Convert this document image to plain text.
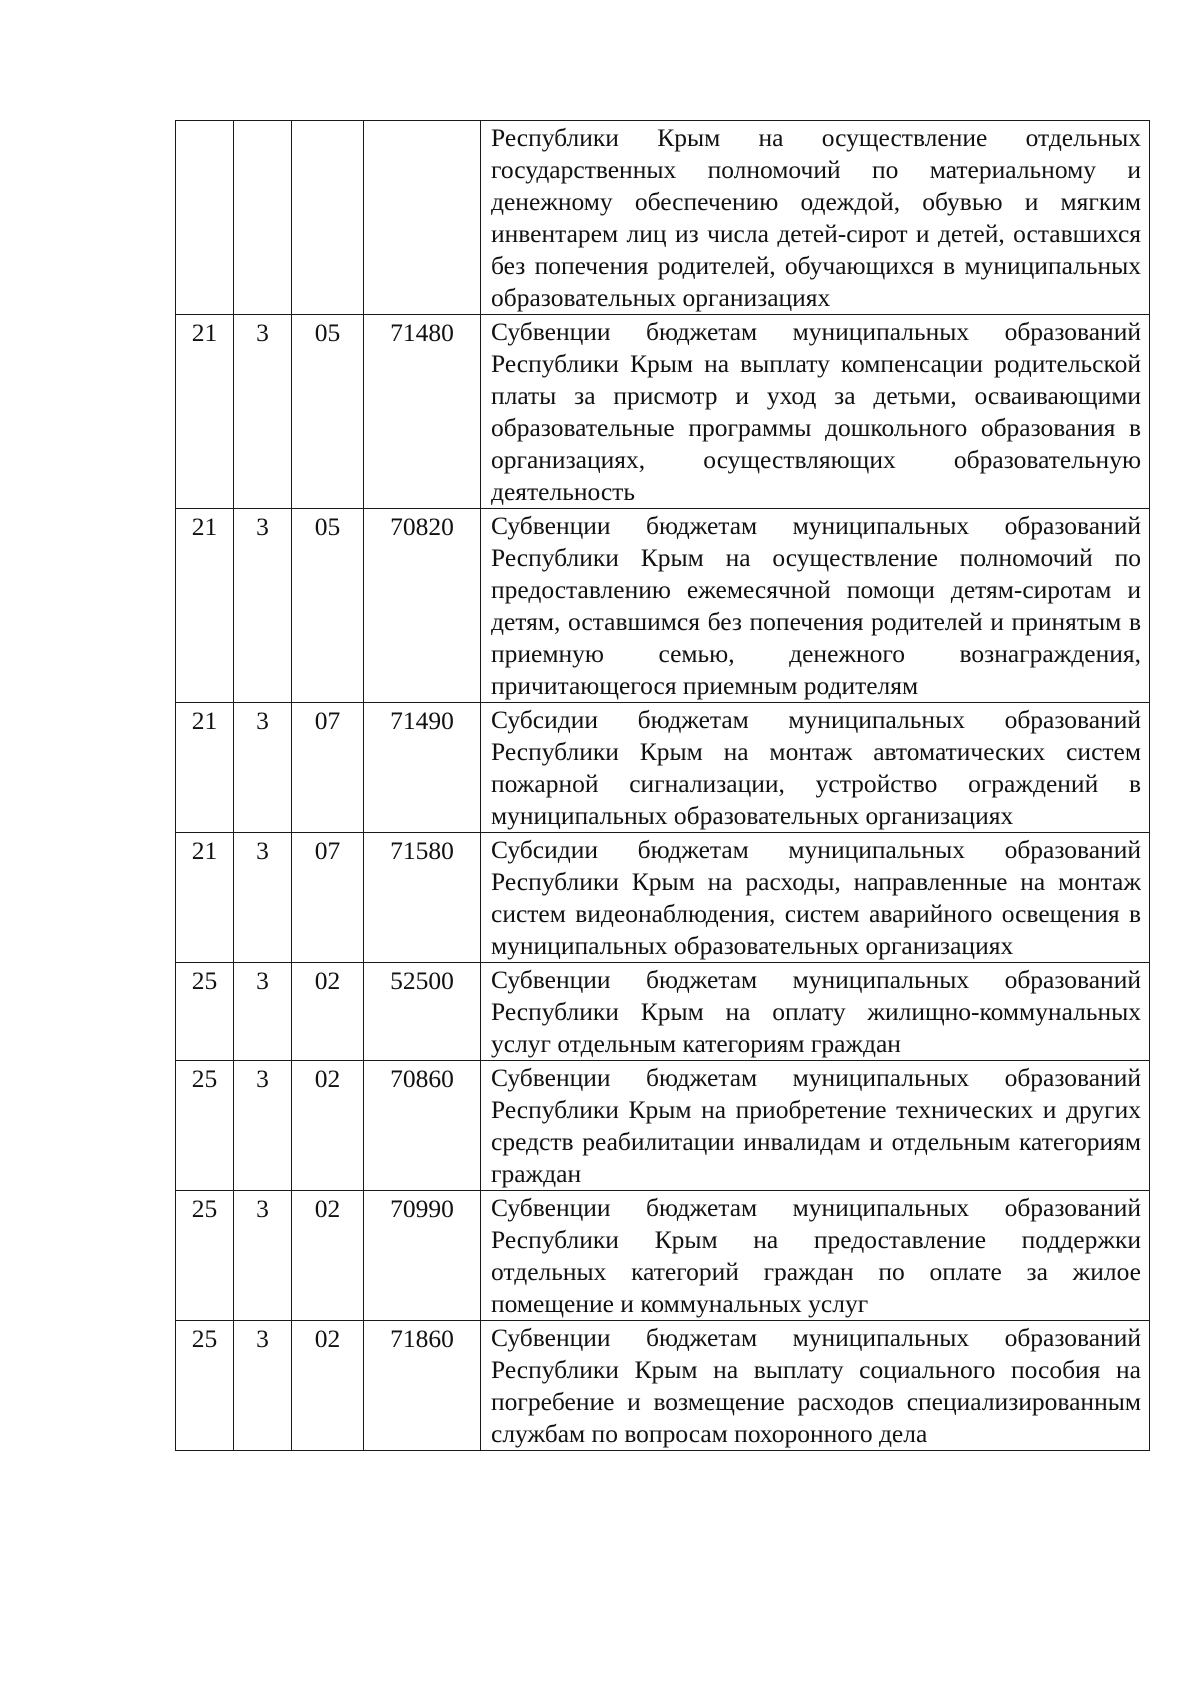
				Республики Крым на осуществление отдельных государственных полномочий по материальному и денежному обеспечению одеждой, обувью и мягким инвентарем лиц из числа детей-сирот и детей, оставшихся без попечения родителей, обучающихся в муниципальных образовательных организациях
21	3	05	71480	Субвенции бюджетам муниципальных образований Республики Крым на выплату компенсации родительской платы за присмотр и уход за детьми, осваивающими образовательные программы дошкольного образования в организациях, осуществляющих образовательную деятельность
21	3	05	70820	Субвенции бюджетам муниципальных образований Республики Крым на осуществление полномочий по предоставлению ежемесячной помощи детям-сиротам и детям, оставшимся без попечения родителей и принятым в приемную семью, денежного вознаграждения, причитающегося приемным родителям
21	3	07	71490	Субсидии бюджетам муниципальных образований Республики Крым на монтаж автоматических систем пожарной сигнализации, устройство ограждений в муниципальных образовательных организациях
21	3	07	71580	Субсидии бюджетам муниципальных образований Республики Крым на расходы, направленные на монтаж систем видеонаблюдения, систем аварийного освещения в муниципальных образовательных организациях
25	3	02	52500	Субвенции бюджетам муниципальных образований Республики Крым на оплату жилищно-коммунальных услуг отдельным категориям граждан
25	3	02	70860	Субвенции бюджетам муниципальных образований Республики Крым на приобретение технических и других средств реабилитации инвалидам и отдельным категориям граждан
25	3	02	70990	Субвенции бюджетам муниципальных образований Республики Крым на предоставление поддержки отдельных категорий граждан по оплате за жилое помещение и коммунальных услуг
25	3	02	71860	Субвенции бюджетам муниципальных образований Республики Крым на выплату социального пособия на погребение и возмещение расходов специализированным службам по вопросам похоронного дела
